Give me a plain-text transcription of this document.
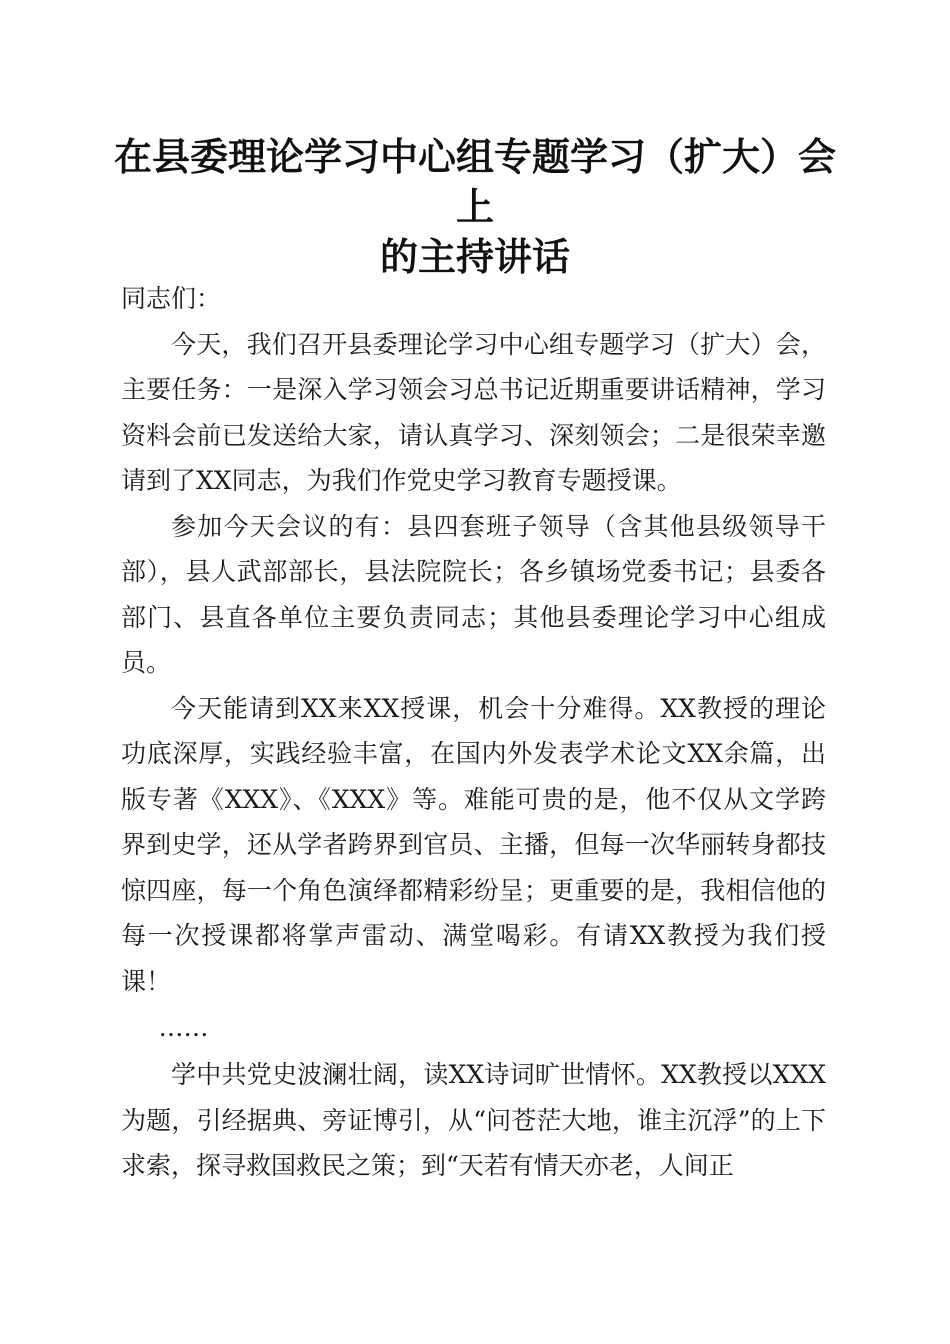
在县委理论学习中心组专题学习（扩大）会上
的主持讲话

同志们：

今天，我们召开县委理论学习中心组专题学习（扩大）会，主要任务：一是深入学习领会习总书记近期重要讲话精神，学习资料会前已发送给大家，请认真学习、深刻领会；二是很荣幸邀请到了XX同志，为我们作党史学习教育专题授课。

参加今天会议的有：县四套班子领导（含其他县级领导干部），县人武部部长，县法院院长；各乡镇场党委书记；县委各部门、县直各单位主要负责同志；其他县委理论学习中心组成员。

今天能请到XX来XX授课，机会十分难得。XX教授的理论功底深厚，实践经验丰富，在国内外发表学术论文XX余篇，出版专著《XXX》、《XXX》等。难能可贵的是，他不仅从文学跨界到史学，还从学者跨界到官员、主播，但每一次华丽转身都技惊四座，每一个角色演绎都精彩纷呈；更重要的是，我相信他的每一次授课都将掌声雷动、满堂喝彩。有请XX教授为我们授课！

……

学中共党史波澜壮阔，读XX诗词旷世情怀。XX教授以XXX为题，引经据典、旁证博引，从“问苍茫大地，谁主沉浮”的上下求索，探寻救国救民之策；到“天若有情天亦老，人间正
